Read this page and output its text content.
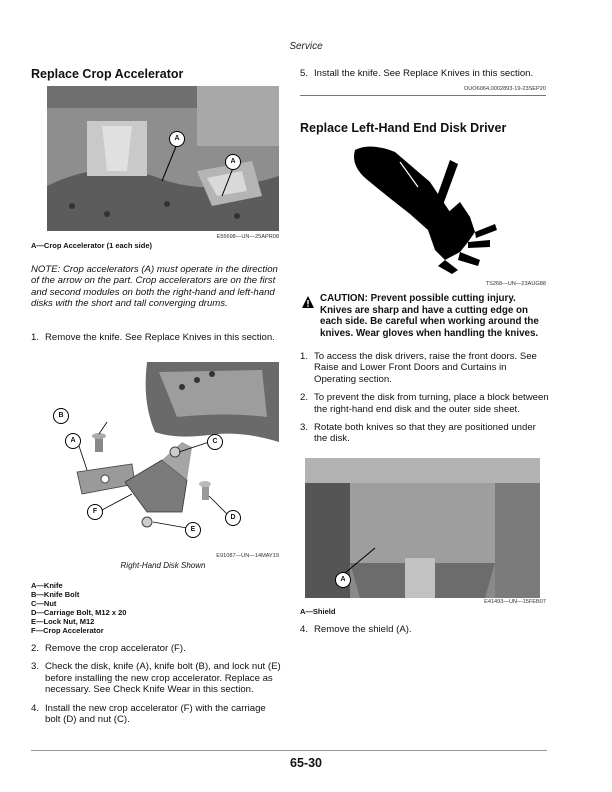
Service
Replace Crop Accelerator
A
A
E55698—UN—25APR08
A—Crop Accelerator (1 each side)
NOTE: Crop accelerators (A) must operate in the direction of the arrow on the part. Crop accelerators are on the first and second modules on both the right-hand and left-hand disks with the short and tall converging drums.
1. Remove the knife. See Replace Knives in this section.
B
A	C
F
D
E
E91087—UN—14MAY19
Right-Hand Disk Shown
A—Knife
B—Knife Bolt
C—Nut
D—Carriage Bolt, M12 x 20
E—Lock Nut, M12
F—Crop Accelerator
2. Remove the crop accelerator (F).
3. Check the disk, knife (A), knife bolt (B), and lock nut (E) before installing the new crop accelerator. Replace as necessary. See Check Knife Wear in this section.
4. Install the new crop accelerator (F) with the carriage bolt (D) and nut (C).
5. Install the knife. See Replace Knives in this section.
OUO6064,0002893-19-23SEP20
Replace Left-Hand End Disk Driver
TS268—UN—23AUG88
CAUTION: Prevent possible cutting injury. Knives are sharp and have a cutting edge on each side. Be careful when working around the knives. Wear gloves when handling the knives.
1. To access the disk drivers, raise the front doors. See Raise and Lower Front Doors and Curtains in Operating section.
2. To prevent the disk from turning, place a block between the right-hand end disk and the outer side sheet.
3. Rotate both knives so that they are positioned under the disk.
A
E41493—UN—15FEB07
A—Shield
4. Remove the shield (A).
65-30
